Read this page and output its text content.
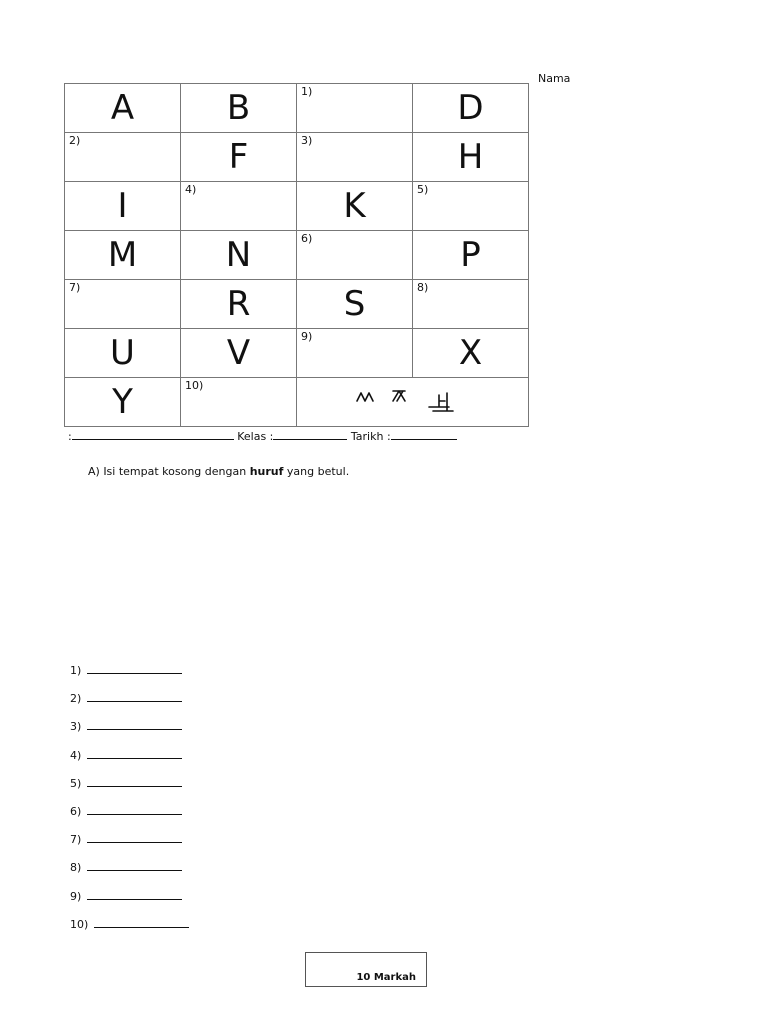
Nama
A	B	1)	D

2)	F	3)	H
I	4)	K	5)

M	N	6)	P

7)	R	S	8)

U	V	9)	X
Y	10)

:	Kelas :	Tarikh :
A) Isi tempat kosong dengan huruf yang betul.
1)
2)
3)
4)
5)
6)
7)
8)
9)
10)
10 Markah
